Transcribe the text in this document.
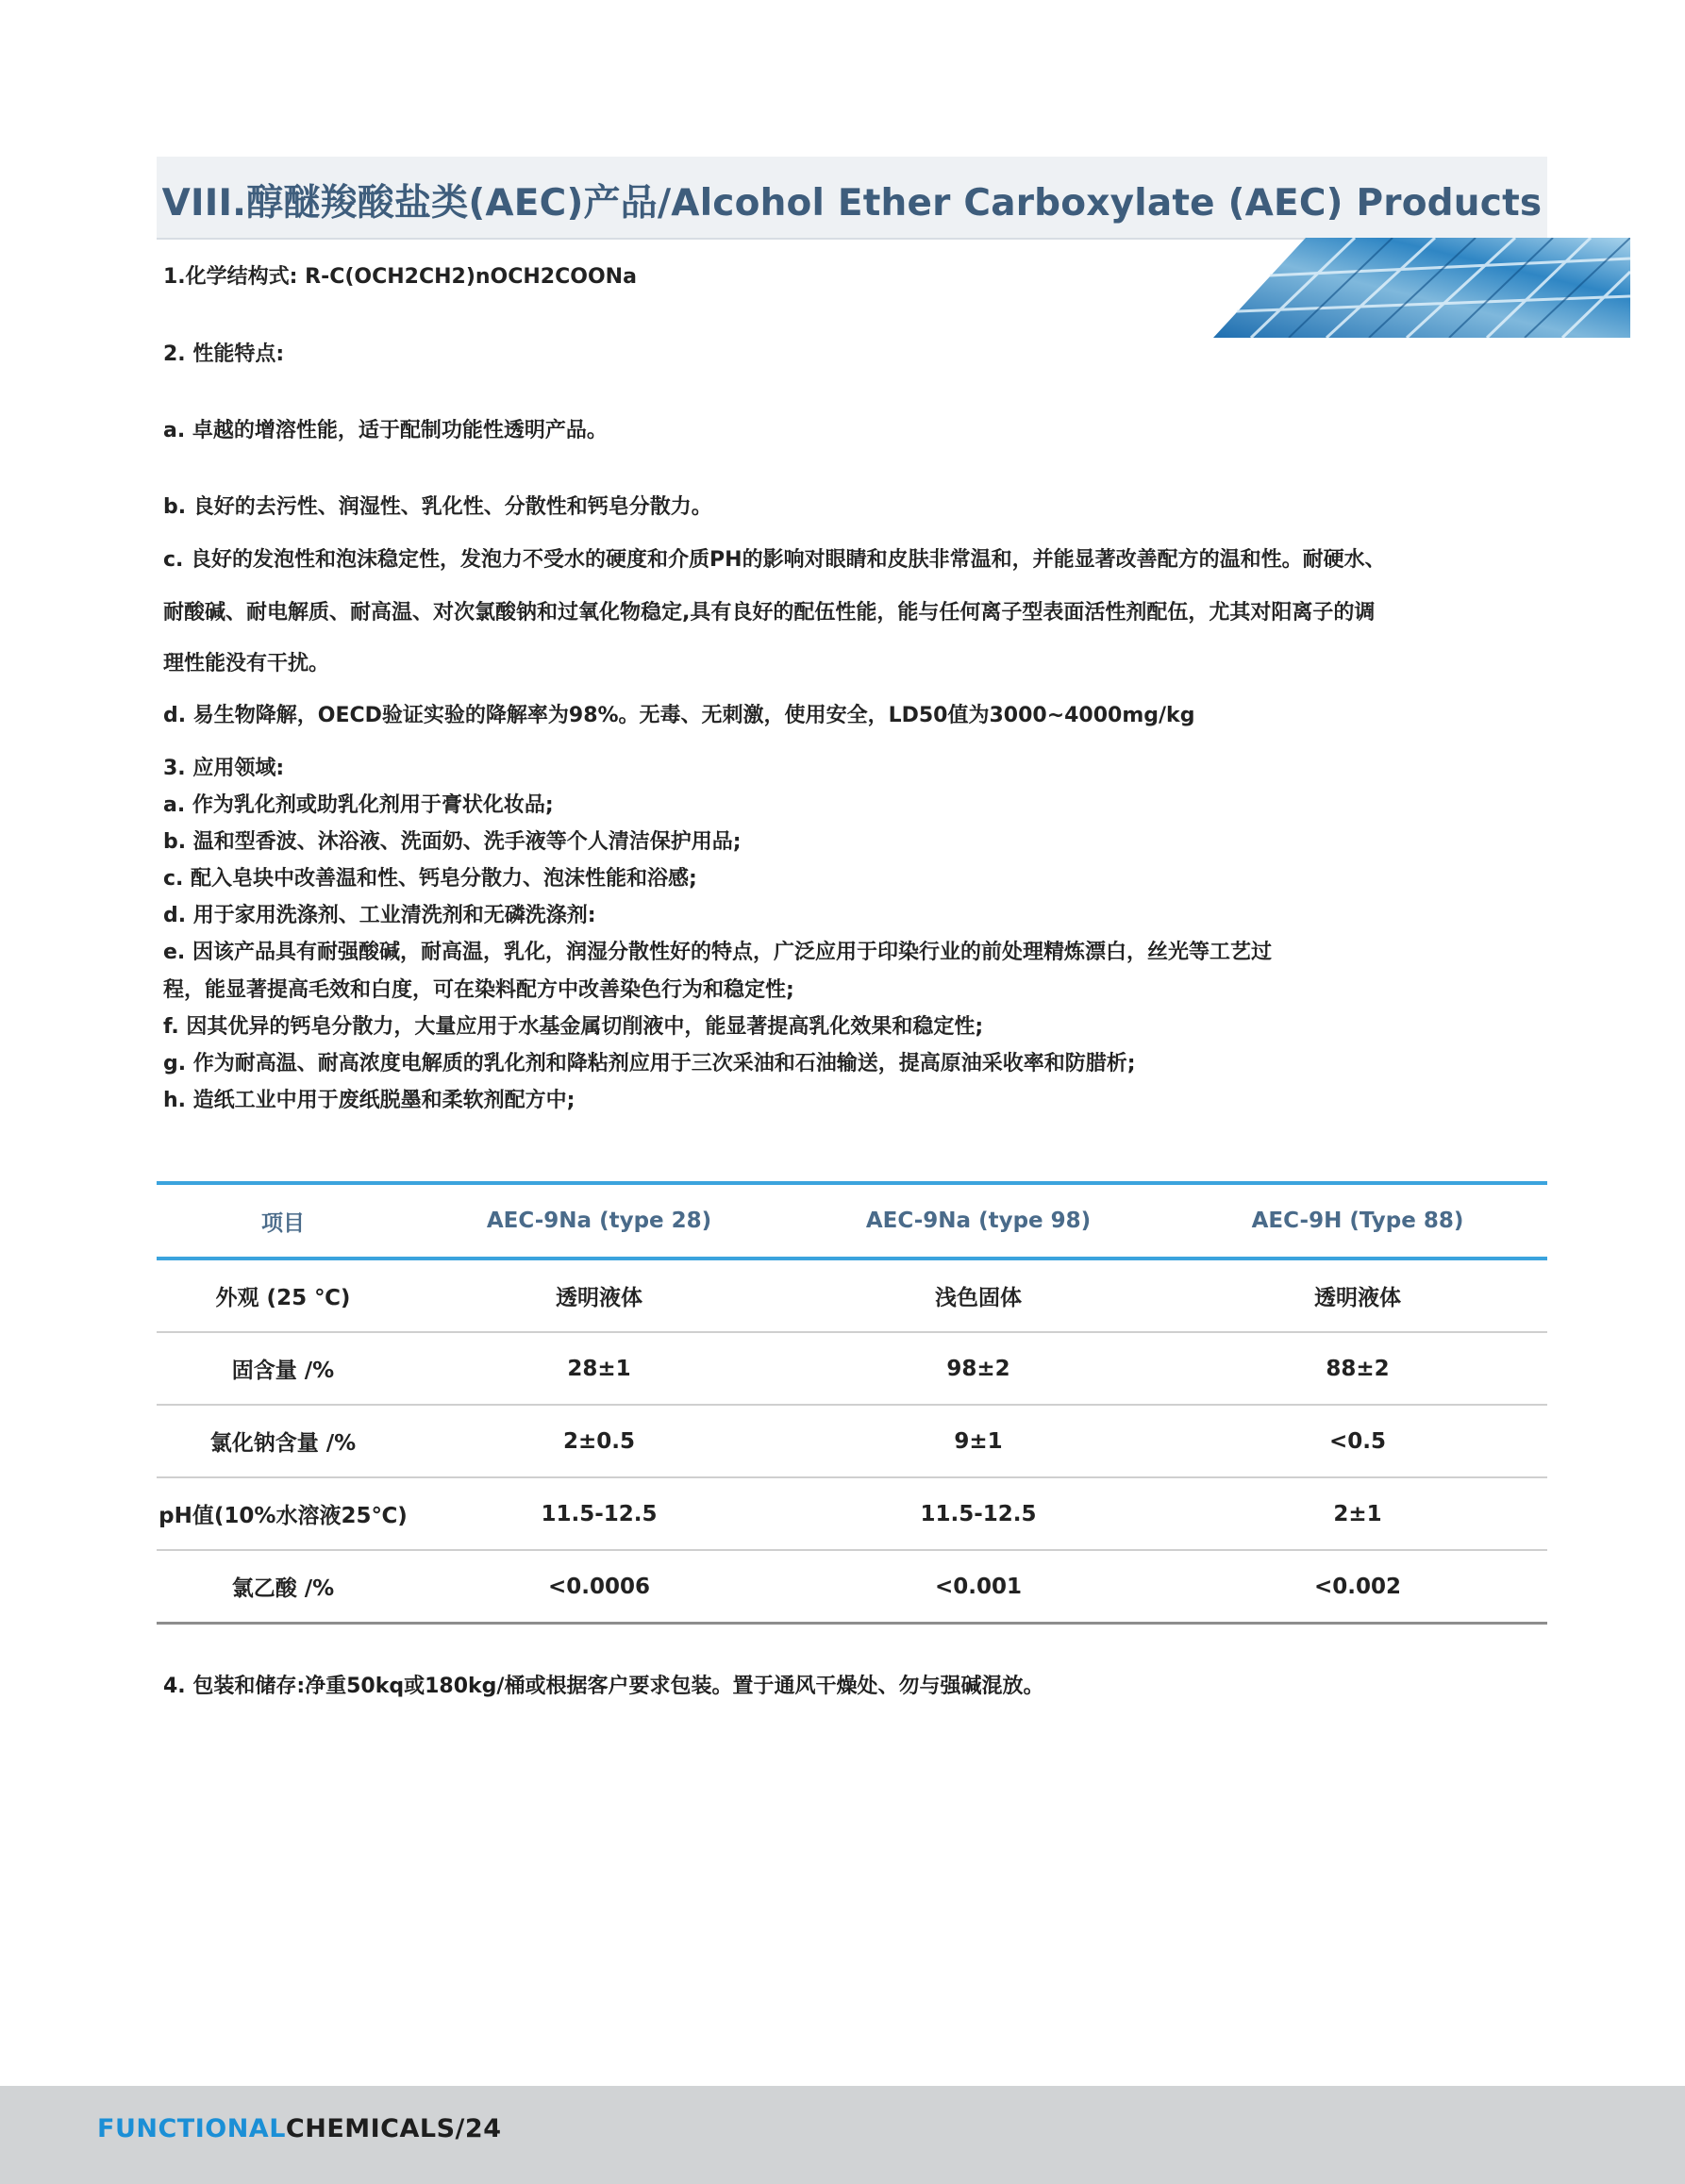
VIII.醇醚羧酸盐类(AEC)产品/Alcohol Ether Carboxylate (AEC) Products
1.化学结构式: R-C(OCH2CH2)nOCH2COONa
2. 性能特点:
a. 卓越的增溶性能，适于配制功能性透明产品。
b. 良好的去污性、润湿性、乳化性、分散性和钙皂分散力。
c. 良好的发泡性和泡沫稳定性，发泡力不受水的硬度和介质PH的影响对眼睛和皮肤非常温和，并能显著改善配方的温和性。耐硬水、
耐酸碱、耐电解质、耐高温、对次氯酸钠和过氧化物稳定,具有良好的配伍性能，能与任何离子型表面活性剂配伍，尤其对阳离子的调
理性能没有干扰。
d. 易生物降解，OECD验证实验的降解率为98%。无毒、无刺激，使用安全，LD50值为3000~4000mg/kg
3. 应用领域:
a. 作为乳化剂或助乳化剂用于膏状化妆品;
b. 温和型香波、沐浴液、洗面奶、洗手液等个人清洁保护用品;
c. 配入皂块中改善温和性、钙皂分散力、泡沫性能和浴感;
d. 用于家用洗涤剂、工业清洗剂和无磷洗涤剂:
e. 因该产品具有耐强酸碱，耐高温，乳化，润湿分散性好的特点，广泛应用于印染行业的前处理精炼漂白，丝光等工艺过
程，能显著提高毛效和白度，可在染料配方中改善染色行为和稳定性;
f. 因其优异的钙皂分散力，大量应用于水基金属切削液中，能显著提高乳化效果和稳定性;
g. 作为耐高温、耐高浓度电解质的乳化剂和降粘剂应用于三次采油和石油输送，提高原油采收率和防腊析;
h. 造纸工业中用于废纸脱墨和柔软剂配方中;
项目	AEC-9Na (type 28)	AEC-9Na (type 98)	AEC-9H (Type 88)
外观 (25 ℃)	透明液体	浅色固体	透明液体
固含量 /%	28±1	98±2	88±2
氯化钠含量 /%	2±0.5	9±1	<0.5
pH值(10%水溶液25℃)	11.5-12.5	11.5-12.5	2±1
氯乙酸 /%	<0.0006	<0.001	<0.002
4. 包装和储存:净重50kq或180kg/桶或根据客户要求包装。置于通风干燥处、勿与强碱混放。
FUNCTIONALCHEMICALS/24
